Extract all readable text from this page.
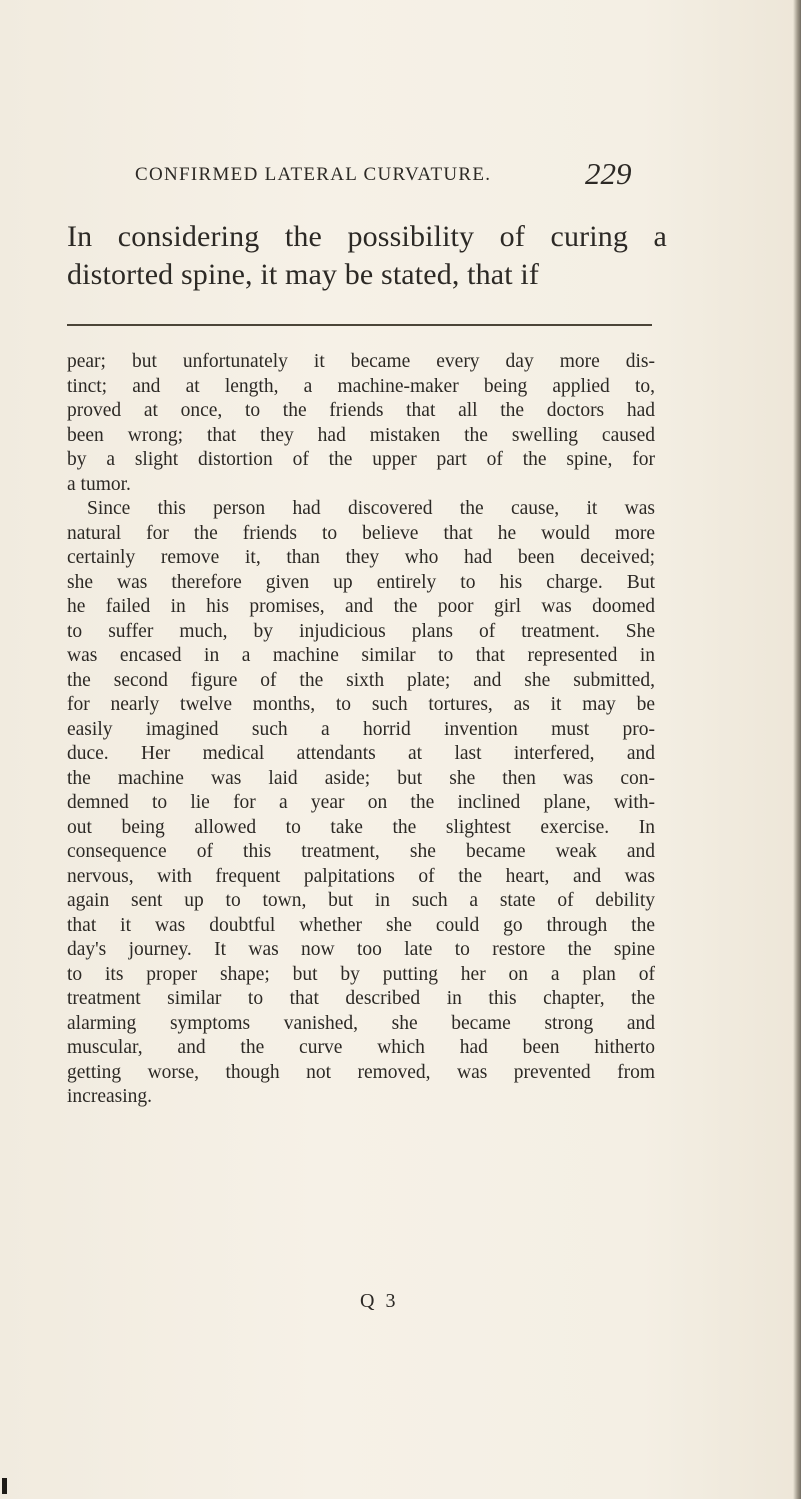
CONFIRMED LATERAL CURVATURE.	229

In considering the possibility of curing a

distorted spine, it may be stated, that if

pear; but unfortunately it became every day more dis-
tinct; and at length, a machine-maker being applied to,
proved at once, to the friends that all the doctors had
been wrong; that they had mistaken the swelling caused
by a slight distortion of the upper part of the spine, for
a tumor.
Since this person had discovered the cause, it was
natural for the friends to believe that he would more
certainly remove it, than they who had been deceived;
she was therefore given up entirely to his charge. But
he failed in his promises, and the poor girl was doomed
to suffer much, by injudicious plans of treatment. She
was encased in a machine similar to that represented in
the second figure of the sixth plate; and she submitted,
for nearly twelve months, to such tortures, as it may be
easily imagined such a horrid invention must pro-
duce. Her medical attendants at last interfered, and
the machine was laid aside; but she then was con-
demned to lie for a year on the inclined plane, with-
out being allowed to take the slightest exercise. In
consequence of this treatment, she became weak and
nervous, with frequent palpitations of the heart, and was
again sent up to town, but in such a state of debility
that it was doubtful whether she could go through the
day's journey. It was now too late to restore the spine
to its proper shape; but by putting her on a plan of
treatment similar to that described in this chapter, the
alarming symptoms vanished, she became strong and
muscular, and the curve which had been hitherto
getting worse, though not removed, was prevented from
increasing.
Q 3
